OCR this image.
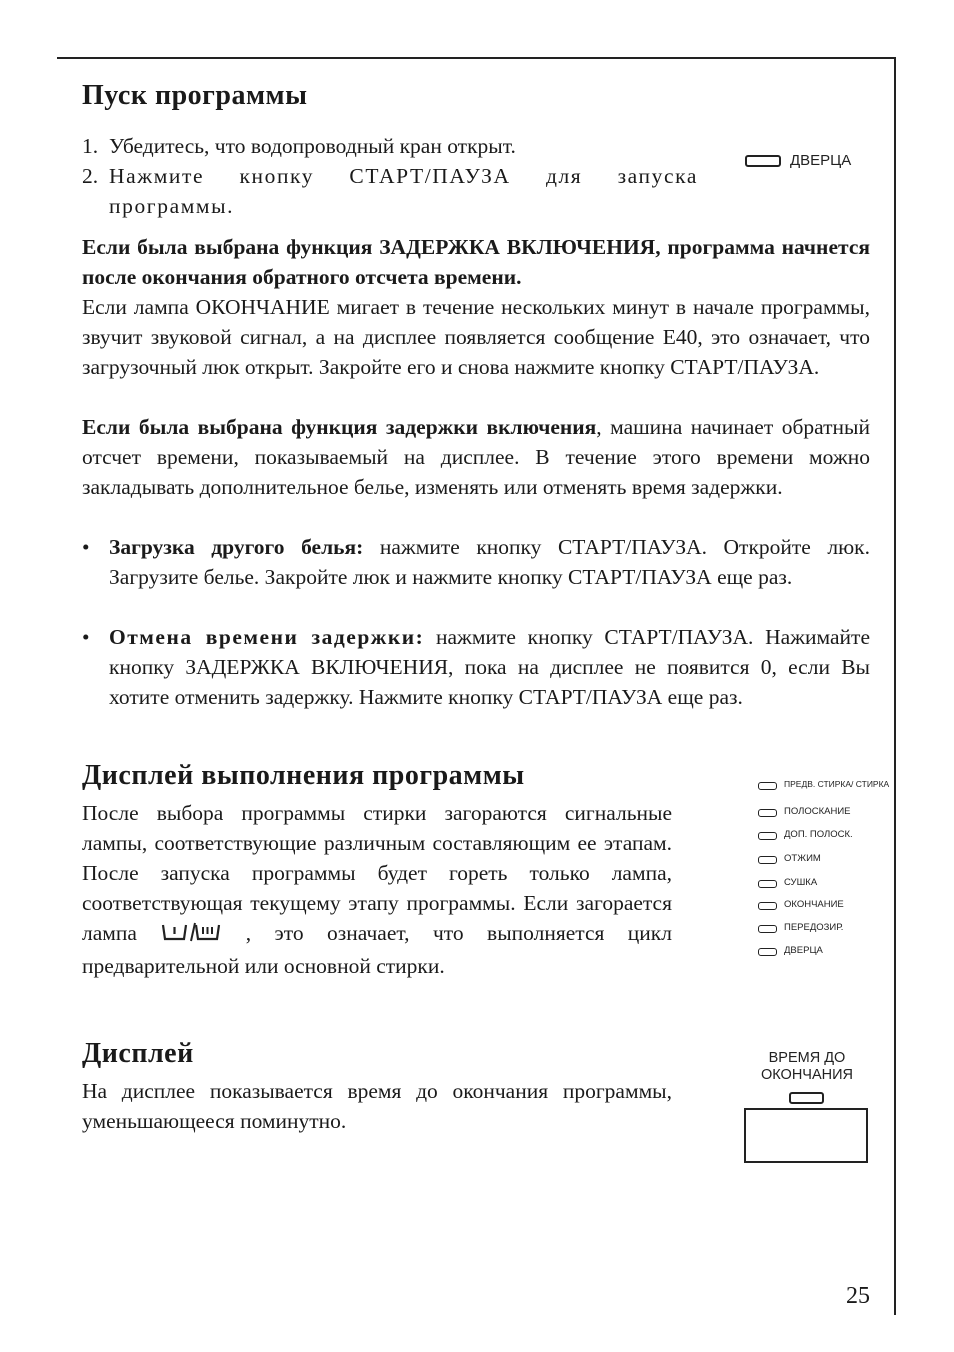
Пуск программы
1. Убедитесь, что водопроводный кран открыт.
2. Нажмите кнопку СТАРТ/ПАУЗА для запуска программы.
ДВЕРЦА

Если была выбрана функция ЗАДЕРЖКА ВКЛЮЧЕНИЯ, программа начнется после окончания обратного отсчета времени.

Если лампа ОКОНЧАНИЕ мигает в течение нескольких минут в начале программы, звучит звуковой сигнал, а на дисплее появляется сообщение E40, это означает, что загрузочный люк открыт. Закройте его и снова нажмите кнопку СТАРТ/ПАУЗА.

Если была выбрана функция задержки включения, машина начинает обратный отсчет времени, показываемый на дисплее. В течение этого времени можно закладывать дополнительное белье, изменять или отменять время задержки.

• Загрузка другого белья: нажмите кнопку СТАРТ/ПАУЗА. Откройте люк. Загрузите белье. Закройте люк и нажмите кнопку СТАРТ/ПАУЗА еще раз.
• Отмена времени задержки: нажмите кнопку СТАРТ/ПАУЗА. Нажимайте кнопку ЗАДЕРЖКА ВКЛЮЧЕНИЯ, пока на дисплее не появится 0, если Вы хотите отменить задержку. Нажмите кнопку СТАРТ/ПАУЗА еще раз.
Дисплей выполнения программы

После выбора программы стирки загораются сигнальные лампы, соответствующие различным составляющим ее этапам. После запуска программы будет гореть только лампа, соответствующая текущему этапу программы. Если загорается лампа	, это означает, что выполняется цикл предварительной или основной стирки.

ПРЕДВ. СТИРКА/ СТИРКА
ПОЛОСКАНИЕ
ДОП. ПОЛОСК.
ОТЖИМ
СУШКА
ОКОНЧАНИЕ
ПЕРЕДОЗИР.
ДВЕРЦА
Дисплей

На дисплее показывается время до окончания программы, уменьшающееся поминутно.

ВРЕМЯ ДО
ОКОНЧАНИЯ
25
